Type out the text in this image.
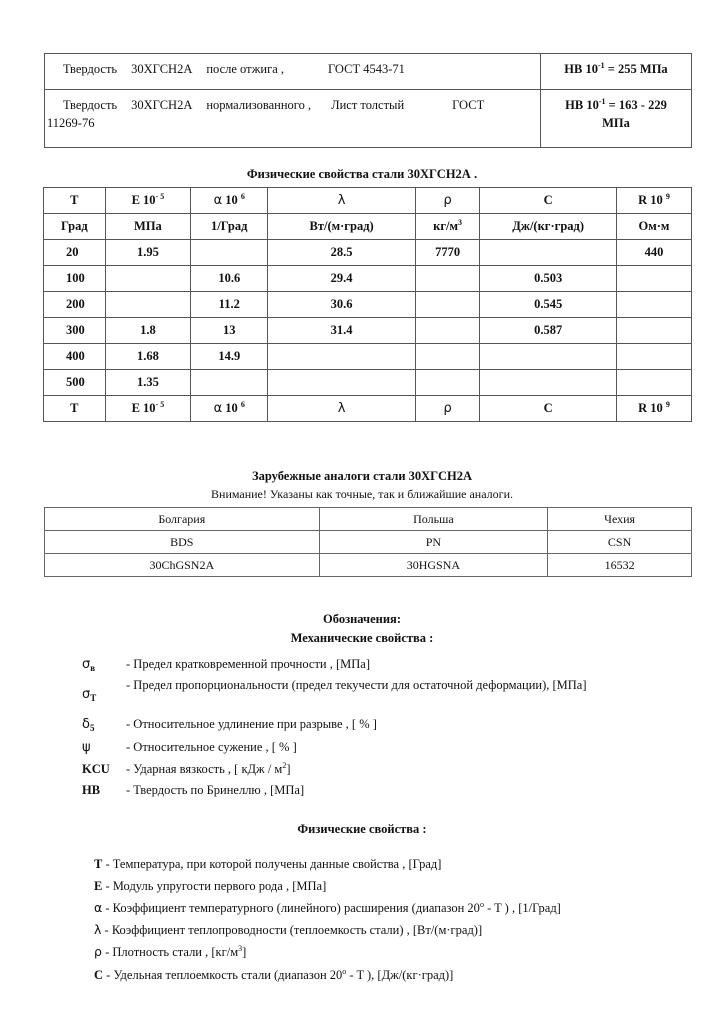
Твердость 30ХГСН2А после отжига , ГОСТ 4543-71	HB $10^{-1} = 255$ МПа
Твердость 30ХГСН2А нормализованного , Лист толстый ГОСТ
11269-76	HB $10^{-1} = 163 - 229$
МПа
Физические свойства стали 30ХГСН2А .
T	E $10^{- 5}$	α 10 $^6$	λ	ρ	C	R 10 $^9$
Град	МПа	1/Град	Вт/(м·град)	$кг/м^3$	Дж/(кг·град)	Ом·м
20	1.95		28.5	7770		440
100		10.6	29.4		0.503	
200		11.2	30.6		0.545	
300	1.8	13	31.4		0.587	
400	1.68	14.9				
500	1.35					
T	E $10^{- 5}$	α 10 $^6$	λ	ρ	C	R 10 $^9$
Зарубежные аналоги стали 30ХГСН2А
Внимание! Указаны как точные, так и ближайшие аналоги.
Болгария	Польша	Чехия
BDS	PN	CSN
30ChGSN2A	30HGSNA	16532
Обозначения:
Механические свойства :
$\sigma_в$	- Предел кратковременной прочности , [МПа]
$\sigma_T$
- Предел пропорциональности (предел текучести для остаточной деформации), [МПа]
$\delta_5$	- Относительное удлинение при разрыве , [ % ]
ψ	- Относительное сужение , [ % ]
KCU	- Ударная вязкость , [ кДж / $м^2$]
HB	- Твердость по Бринеллю , [МПа]
Физические свойства :
T - Температура, при которой получены данные свойства , [Град]
E - Модуль упругости первого рода , [МПа]
α - Коэффициент температурного (линейного) расширения (диапазон 20$^o$ - T ) , [1/Град]
λ - Коэффициент теплопроводности (теплоемкость стали) , [Вт/(м·град)]
ρ - Плотность стали , $[кг/м^3]$
C - Удельная теплоемкость стали (диапазон 20$^o$ - T ), [Дж/(кг·град)]
